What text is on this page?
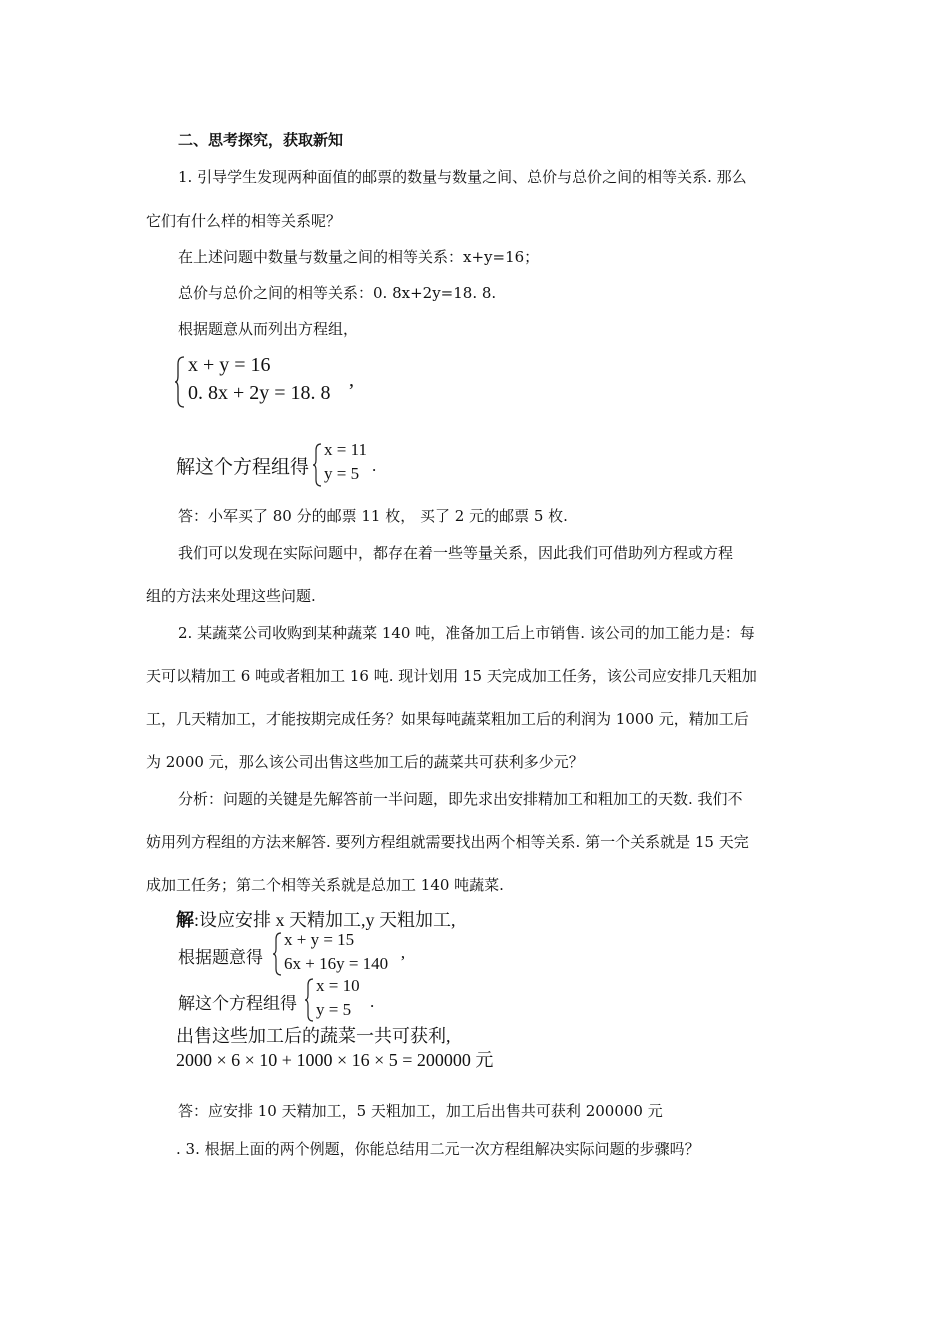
二、思考探究，获取新知
1. 引导学生发现两种面值的邮票的数量与数量之间、总价与总价之间的相等关系. 那么
它们有什么样的相等关系呢？
在上述问题中数量与数量之间的相等关系：x+y=16；
总价与总价之间的相等关系：0. 8x+2y=18. 8.
根据题意从而列出方程组，
x + y = 16
0. 8x + 2y = 18. 8 ’
解这个方程组得
x = 11
y = 5 .
答：小军买了 80 分的邮票 11 枚， 买了 2 元的邮票 5 枚.
我们可以发现在实际问题中，都存在着一些等量关系，因此我们可借助列方程或方程
组的方法来处理这些问题.
2. 某蔬菜公司收购到某种蔬菜 140 吨，准备加工后上市销售. 该公司的加工能力是：每
天可以精加工 6 吨或者粗加工 16 吨. 现计划用 15 天完成加工任务，该公司应安排几天粗加
工，几天精加工，才能按期完成任务？如果每吨蔬菜粗加工后的利润为 1000 元，精加工后
为 2000 元，那么该公司出售这些加工后的蔬菜共可获利多少元？
分析：问题的关键是先解答前一半问题，即先求出安排精加工和粗加工的天数. 我们不
妨用列方程组的方法来解答. 要列方程组就需要找出两个相等关系. 第一个关系就是 15 天完
成加工任务；第二个相等关系就是总加工 140 吨蔬菜.
解:设应安排 x 天精加工,y 天粗加工,
根据题意得
x + y = 15
6x + 16y = 140 ’
解这个方程组得
x = 10
y = 5 .
出售这些加工后的蔬菜一共可获利,
2000 × 6 × 10 + 1000 × 16 × 5 = 200000 元
答：应安排 10 天精加工，5 天粗加工，加工后出售共可获利 200000 元
. 3. 根据上面的两个例题，你能总结用二元一次方程组解决实际问题的步骤吗？
